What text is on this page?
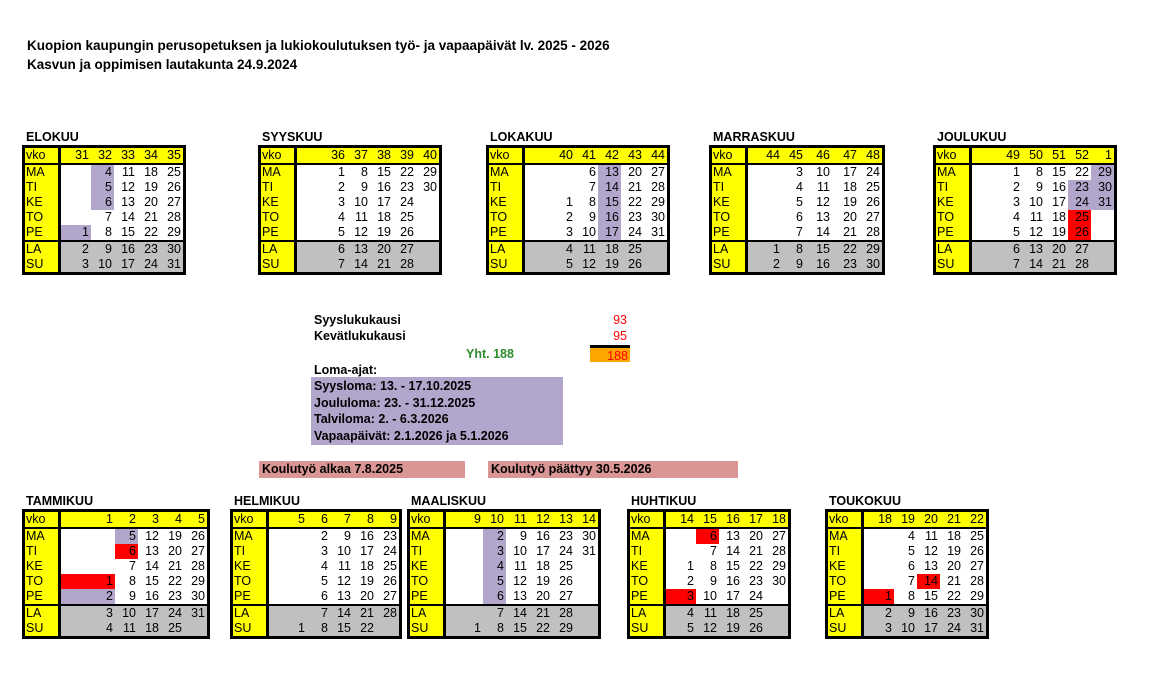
Kuopion kaupungin perusopetuksen ja lukiokoulutuksen työ- ja vapaapäivät lv. 2025 - 2026
Kasvun ja oppimisen lautakunta 24.9.2024
ELOKUU
vko	31	32	33	34	35
MA		4	11	18	25
TI		5	12	19	26
KE		6	13	20	27
TO		7	14	21	28
PE	1	8	15	22	29
LA	2	9	16	23	30
SU	3	10	17	24	31
SYYSKUU
vko	36	37	38	39	40
MA	1	8	15	22	29
TI	2	9	16	23	30
KE	3	10	17	24	
TO	4	11	18	25	
PE	5	12	19	26	
LA	6	13	20	27	
SU	7	14	21	28	
LOKAKUU
vko	40	41	42	43	44
MA		6	13	20	27
TI		7	14	21	28
KE	1	8	15	22	29
TO	2	9	16	23	30
PE	3	10	17	24	31
LA	4	11	18	25	
SU	5	12	19	26	
MARRASKUU
vko	44	45	46	47	48
MA		3	10	17	24
TI		4	11	18	25
KE		5	12	19	26
TO		6	13	20	27
PE		7	14	21	28
LA	1	8	15	22	29
SU	2	9	16	23	30
JOULUKUU
vko	49	50	51	52	1
MA	1	8	15	22	29
TI	2	9	16	23	30
KE	3	10	17	24	31
TO	4	11	18	25	
PE	5	12	19	26	
LA	6	13	20	27	
SU	7	14	21	28	
TAMMIKUU
vko	1	2	3	4	5
MA		5	12	19	26
TI		6	13	20	27
KE		7	14	21	28
TO	1	8	15	22	29
PE	2	9	16	23	30
LA	3	10	17	24	31
SU	4	11	18	25	
HELMIKUU
vko	5	6	7	8	9
MA		2	9	16	23
TI		3	10	17	24
KE		4	11	18	25
TO		5	12	19	26
PE		6	13	20	27
LA		7	14	21	28
SU	1	8	15	22	
MAALISKUU
vko	9	10	11	12	13	14
MA		2	9	16	23	30
TI		3	10	17	24	31
KE		4	11	18	25	
TO		5	12	19	26	
PE		6	13	20	27	
LA		7	14	21	28	
SU	1	8	15	22	29	
HUHTIKUU
vko	14	15	16	17	18
MA		6	13	20	27
TI		7	14	21	28
KE	1	8	15	22	29
TO	2	9	16	23	30
PE	3	10	17	24	
LA	4	11	18	25	
SU	5	12	19	26	
TOUKOKUU
vko	18	19	20	21	22
MA		4	11	18	25
TI		5	12	19	26
KE		6	13	20	27
TO		7	14	21	28
PE	1	8	15	22	29
LA	2	9	16	23	30
SU	3	10	17	24	31
Syyslukukausi	93
Kevätlukukausi	95
Yht. 188	188
Loma-ajat:
Syysloma: 13. - 17.10.2025
Joululoma: 23. - 31.12.2025
Talviloma: 2. - 6.3.2026
Vapaapäivät: 2.1.2026 ja 5.1.2026
Koulutyö alkaa 7.8.2025	Koulutyö päättyy 30.5.2026
